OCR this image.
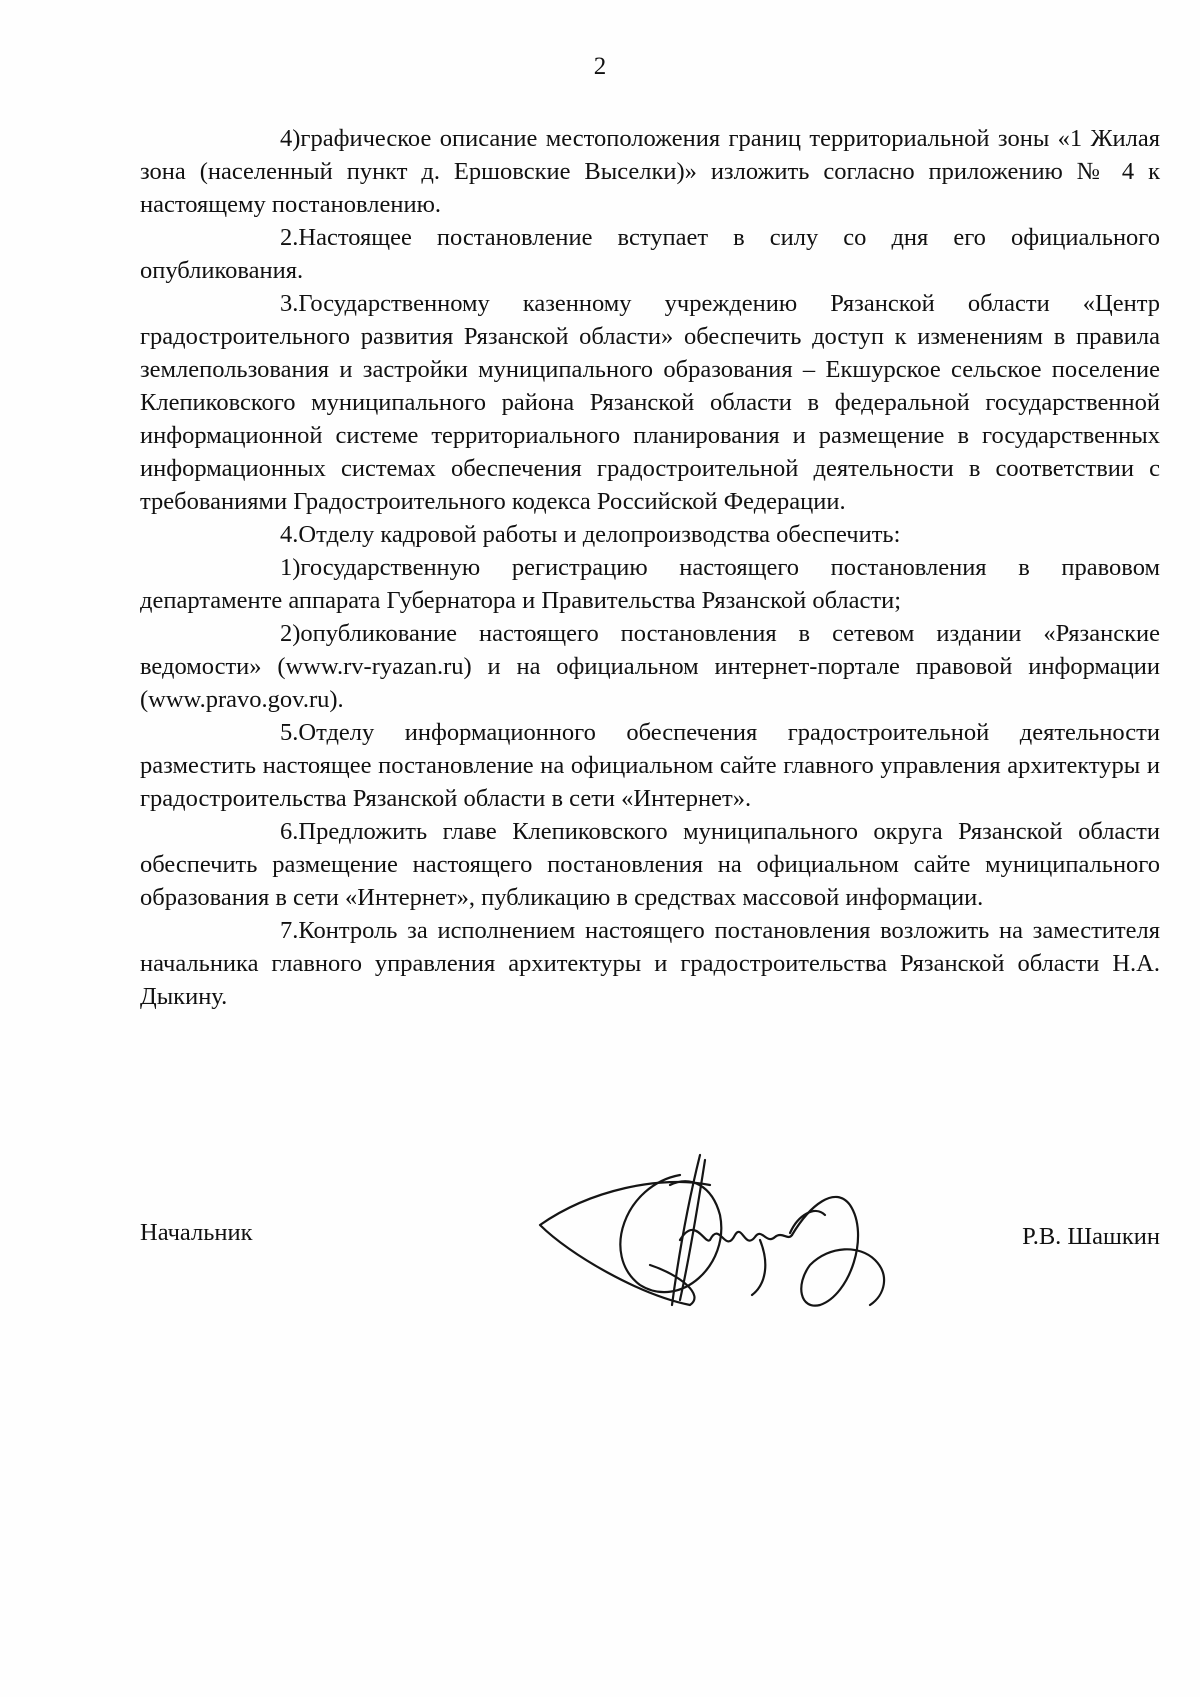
2

4)графическое описание местоположения границ территориальной зоны «1 Жилая зона (населенный пункт д. Ершовские Выселки)» изложить согласно приложению № 4 к настоящему постановлению.

2.Настоящее постановление вступает в силу со дня его официального опубликования.

3.Государственному казенному учреждению Рязанской области «Центр градостроительного развития Рязанской области» обеспечить доступ к изменениям в правила землепользования и застройки муниципального образования – Екшурское сельское поселение Клепиковского муниципального района Рязанской области в федеральной государственной информационной системе территориального планирования и размещение в государственных информационных системах обеспечения градостроительной деятельности в соответствии с требованиями Градостроительного кодекса Российской Федерации.

4.Отделу кадровой работы и делопроизводства обеспечить:

1)государственную регистрацию настоящего постановления в правовом департаменте аппарата Губернатора и Правительства Рязанской области;

2)опубликование настоящего постановления в сетевом издании «Рязанские ведомости» (www.rv-ryazan.ru) и на официальном интернет-портале правовой информации (www.pravo.gov.ru).

5.Отделу информационного обеспечения градостроительной деятельности разместить настоящее постановление на официальном сайте главного управления архитектуры и градостроительства Рязанской области в сети «Интернет».

6.Предложить главе Клепиковского муниципального округа Рязанской области обеспечить размещение настоящего постановления на официальном сайте муниципального образования в сети «Интернет», публикацию в средствах массовой информации.

7.Контроль за исполнением настоящего постановления возложить на заместителя начальника главного управления архитектуры и градостроительства Рязанской области Н.А. Дыкину.

Начальник	Р.В. Шашкин
